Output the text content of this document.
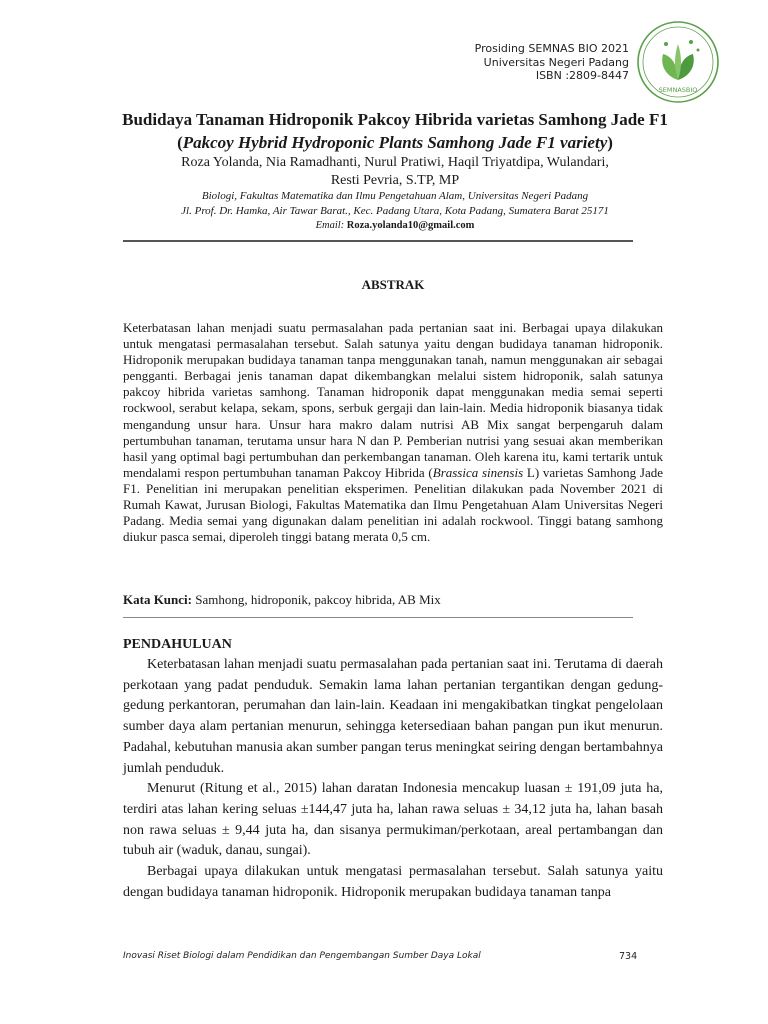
Prosiding SEMNAS BIO 2021
Universitas Negeri Padang
ISBN :2809-8447
SEMNASBIO
Budidaya Tanaman Hidroponik Pakcoy Hibrida varietas Samhong Jade F1 (Pakcoy Hybrid Hydroponic Plants Samhong Jade F1 variety)
Roza Yolanda, Nia Ramadhanti, Nurul Pratiwi, Haqil Triyatdipa, Wulandari,
Resti Pevria, S.TP, MP
Biologi, Fakultas Matematika dan Ilmu Pengetahuan Alam, Universitas Negeri Padang
Jl. Prof. Dr. Hamka, Air Tawar Barat., Kec. Padang Utara, Kota Padang, Sumatera Barat 25171
Email: Roza.yolanda10@gmail.com
ABSTRAK

Keterbatasan lahan menjadi suatu permasalahan pada pertanian saat ini. Berbagai upaya dilakukan untuk mengatasi permasalahan tersebut. Salah satunya yaitu dengan budidaya tanaman hidroponik. Hidroponik merupakan budidaya tanaman tanpa menggunakan tanah, namun menggunakan air sebagai pengganti. Berbagai jenis tanaman dapat dikembangkan melalui sistem hidroponik, salah satunya pakcoy hibrida varietas samhong. Tanaman hidroponik dapat menggunakan media semai seperti rockwool, serabut kelapa, sekam, spons, serbuk gergaji dan lain-lain. Media hidroponik biasanya tidak mengandung unsur hara. Unsur hara makro dalam nutrisi AB Mix sangat berpengaruh dalam pertumbuhan tanaman, terutama unsur hara N dan P. Pemberian nutrisi yang sesuai akan memberikan hasil yang optimal bagi pertumbuhan dan perkembangan tanaman. Oleh karena itu, kami tertarik untuk mendalami respon pertumbuhan tanaman Pakcoy Hibrida (Brassica sinensis L) varietas Samhong Jade F1. Penelitian ini merupakan penelitian eksperimen. Penelitian dilakukan pada November 2021 di Rumah Kawat, Jurusan Biologi, Fakultas Matematika dan Ilmu Pengetahuan Alam Universitas Negeri Padang. Media semai yang digunakan dalam penelitian ini adalah rockwool. Tinggi batang samhong diukur pasca semai, diperoleh tinggi batang merata 0,5 cm.

Kata Kunci: Samhong, hidroponik, pakcoy hibrida, AB Mix
PENDAHULUAN

Keterbatasan lahan menjadi suatu permasalahan pada pertanian saat ini. Terutama di daerah perkotaan yang padat penduduk. Semakin lama lahan pertanian tergantikan dengan gedung-gedung perkantoran, perumahan dan lain-lain. Keadaan ini mengakibatkan tingkat pengelolaan sumber daya alam pertanian menurun, sehingga ketersediaan bahan pangan pun ikut menurun. Padahal, kebutuhan manusia akan sumber pangan terus meningkat seiring dengan bertambahnya jumlah penduduk.

Menurut (Ritung et al., 2015) lahan daratan Indonesia mencakup luasan ± 191,09 juta ha, terdiri atas lahan kering seluas ±144,47 juta ha, lahan rawa seluas ± 34,12 juta ha, lahan basah non rawa seluas ± 9,44 juta ha, dan sisanya permukiman/perkotaan, areal pertambangan dan tubuh air (waduk, danau, sungai).

Berbagai upaya dilakukan untuk mengatasi permasalahan tersebut. Salah satunya yaitu dengan budidaya tanaman hidroponik. Hidroponik merupakan budidaya tanaman tanpa

Inovasi Riset Biologi dalam Pendidikan dan Pengembangan Sumber Daya Lokal	734
